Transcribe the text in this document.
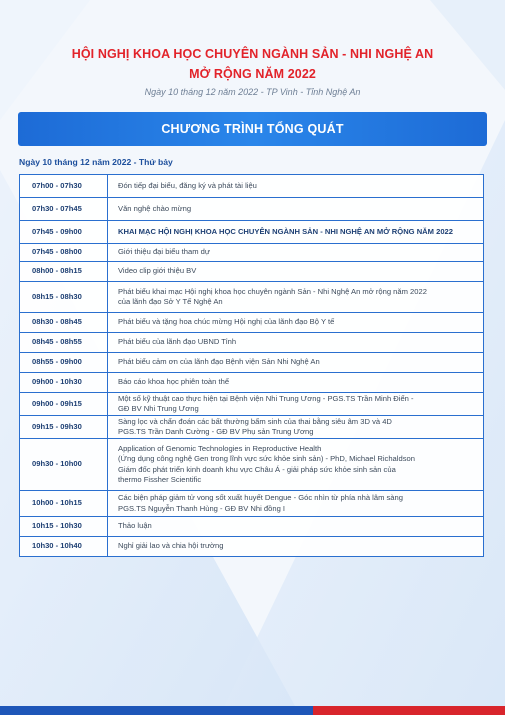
HỘI NGHỊ KHOA HỌC CHUYÊN NGÀNH SẢN - NHI NGHỆ AN
MỞ RỘNG NĂM 2022
Ngày 10 tháng 12 năm 2022 - TP Vinh - Tỉnh Nghệ An
CHƯƠNG TRÌNH TỔNG QUÁT
Ngày 10 tháng 12 năm 2022 - Thứ bảy
07h00 - 07h30	Đón tiếp đại biểu, đăng ký và phát tài liệu

07h30 - 07h45	Văn nghệ chào mừng

07h45 - 09h00	KHAI MẠC HỘI NGHỊ KHOA HỌC CHUYÊN NGÀNH SẢN - NHI NGHỆ AN MỞ RỘNG NĂM 2022

07h45 - 08h00	Giới thiệu đại biểu tham dự

08h00 - 08h15	Video clip giới thiệu BV

08h15 - 08h30	Phát biểu khai mạc Hội nghị khoa học chuyên ngành Sản - Nhi Nghệ An mở rộng năm 2022
của lãnh đạo Sở Y Tế Nghệ An

08h30 - 08h45	Phát biểu và tặng hoa chúc mừng Hội nghị của lãnh đạo Bộ Y tế

08h45 - 08h55	Phát biểu của lãnh đạo UBND Tỉnh

08h55 - 09h00	Phát biểu cảm ơn của lãnh đạo Bệnh viện Sản Nhi Nghệ An

09h00 - 10h30	Báo cáo khoa học phiên toàn thể

09h00 - 09h15	Một số kỹ thuật cao thực hiện tại Bệnh viện Nhi Trung Ương - PGS.TS Trần Minh Điển -
GĐ BV Nhi Trung Ương

09h15 - 09h30	Sàng lọc và chẩn đoán các bất thường bẩm sinh của thai bằng siêu âm 3D và 4D
PGS.TS Trần Danh Cường - GĐ BV Phụ sản Trung Ương

09h30 - 10h00	Application of Genomic Technologies in Reproductive Health
(Ứng dụng công nghệ Gen trong lĩnh vực sức khỏe sinh sản) - PhD, Michael Richaldson
Giám đốc phát triển kinh doanh khu vực Châu Á - giải pháp sức khỏe sinh sản của
thermo Fissher Scientific

10h00 - 10h15	Các biện pháp giảm tử vong sốt xuất huyết Dengue - Góc nhìn từ phía nhà lâm sàng
PGS.TS Nguyễn Thanh Hùng - GĐ BV Nhi đồng I

10h15 - 10h30	Thảo luận

10h30 - 10h40	Nghỉ giải lao và chia hội trường
